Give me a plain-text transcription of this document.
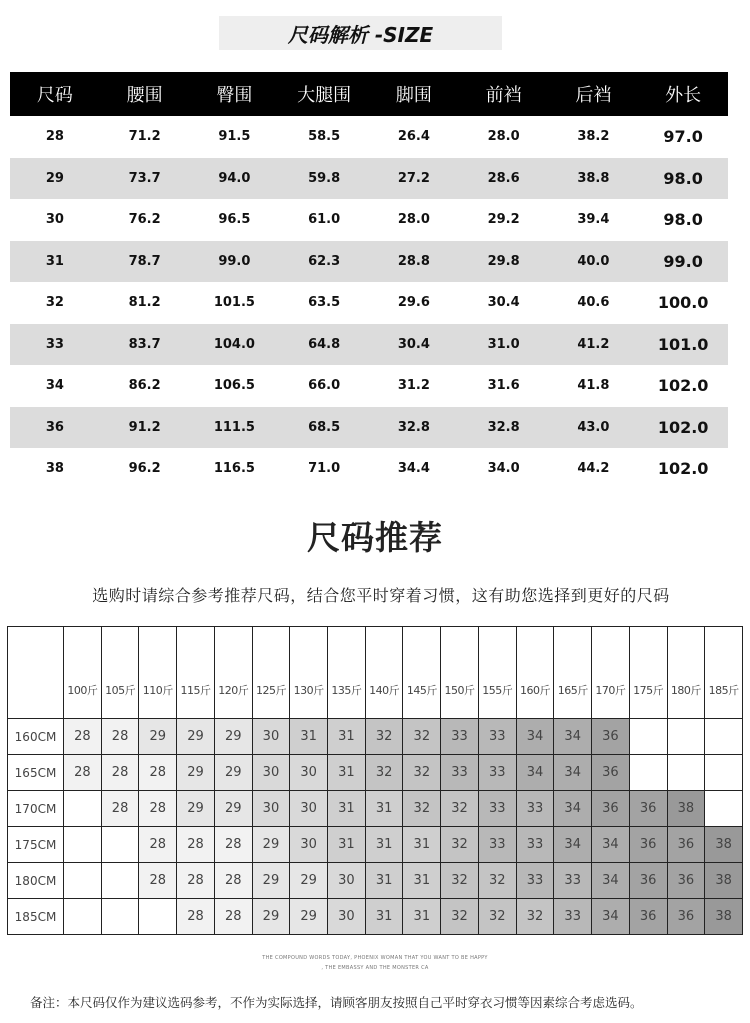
尺码解析 -SIZE
尺码	腰围	臀围	大腿围	脚围	前裆	后裆	外长
28	71.2	91.5	58.5	26.4	28.0	38.2	97.0
29	73.7	94.0	59.8	27.2	28.6	38.8	98.0
30	76.2	96.5	61.0	28.0	29.2	39.4	98.0
31	78.7	99.0	62.3	28.8	29.8	40.0	99.0
32	81.2	101.5	63.5	29.6	30.4	40.6	100.0
33	83.7	104.0	64.8	30.4	31.0	41.2	101.0
34	86.2	106.5	66.0	31.2	31.6	41.8	102.0
36	91.2	111.5	68.5	32.8	32.8	43.0	102.0
38	96.2	116.5	71.0	34.4	34.0	44.2	102.0
尺码推荐
选购时请综合参考推荐尺码，结合您平时穿着习惯，这有助您选择到更好的尺码
	100斤	105斤	110斤	115斤	120斤	125斤	130斤	135斤	140斤	145斤	150斤	155斤	160斤	165斤	170斤	175斤	180斤	185斤
160CM	28	28	29	29	29	30	31	31	32	32	33	33	34	34	36			
165CM	28	28	28	29	29	30	30	31	32	32	33	33	34	34	36			
170CM		28	28	29	29	30	30	31	31	32	32	33	33	34	36	36	38	
175CM			28	28	28	29	30	31	31	31	32	33	33	34	34	36	36	38
180CM			28	28	28	29	29	30	31	31	32	32	33	33	34	36	36	38
185CM				28	28	29	29	30	31	31	32	32	32	33	34	36	36	38
THE COMPOUND WORDS TODAY, PHOENIX WOMAN THAT YOU WANT TO BE HAPPY
, THE EMBASSY AND THE MONSTER CA
备注：本尺码仅作为建议选码参考，不作为实际选择，请顾客朋友按照自己平时穿衣习惯等因素综合考虑选码。
